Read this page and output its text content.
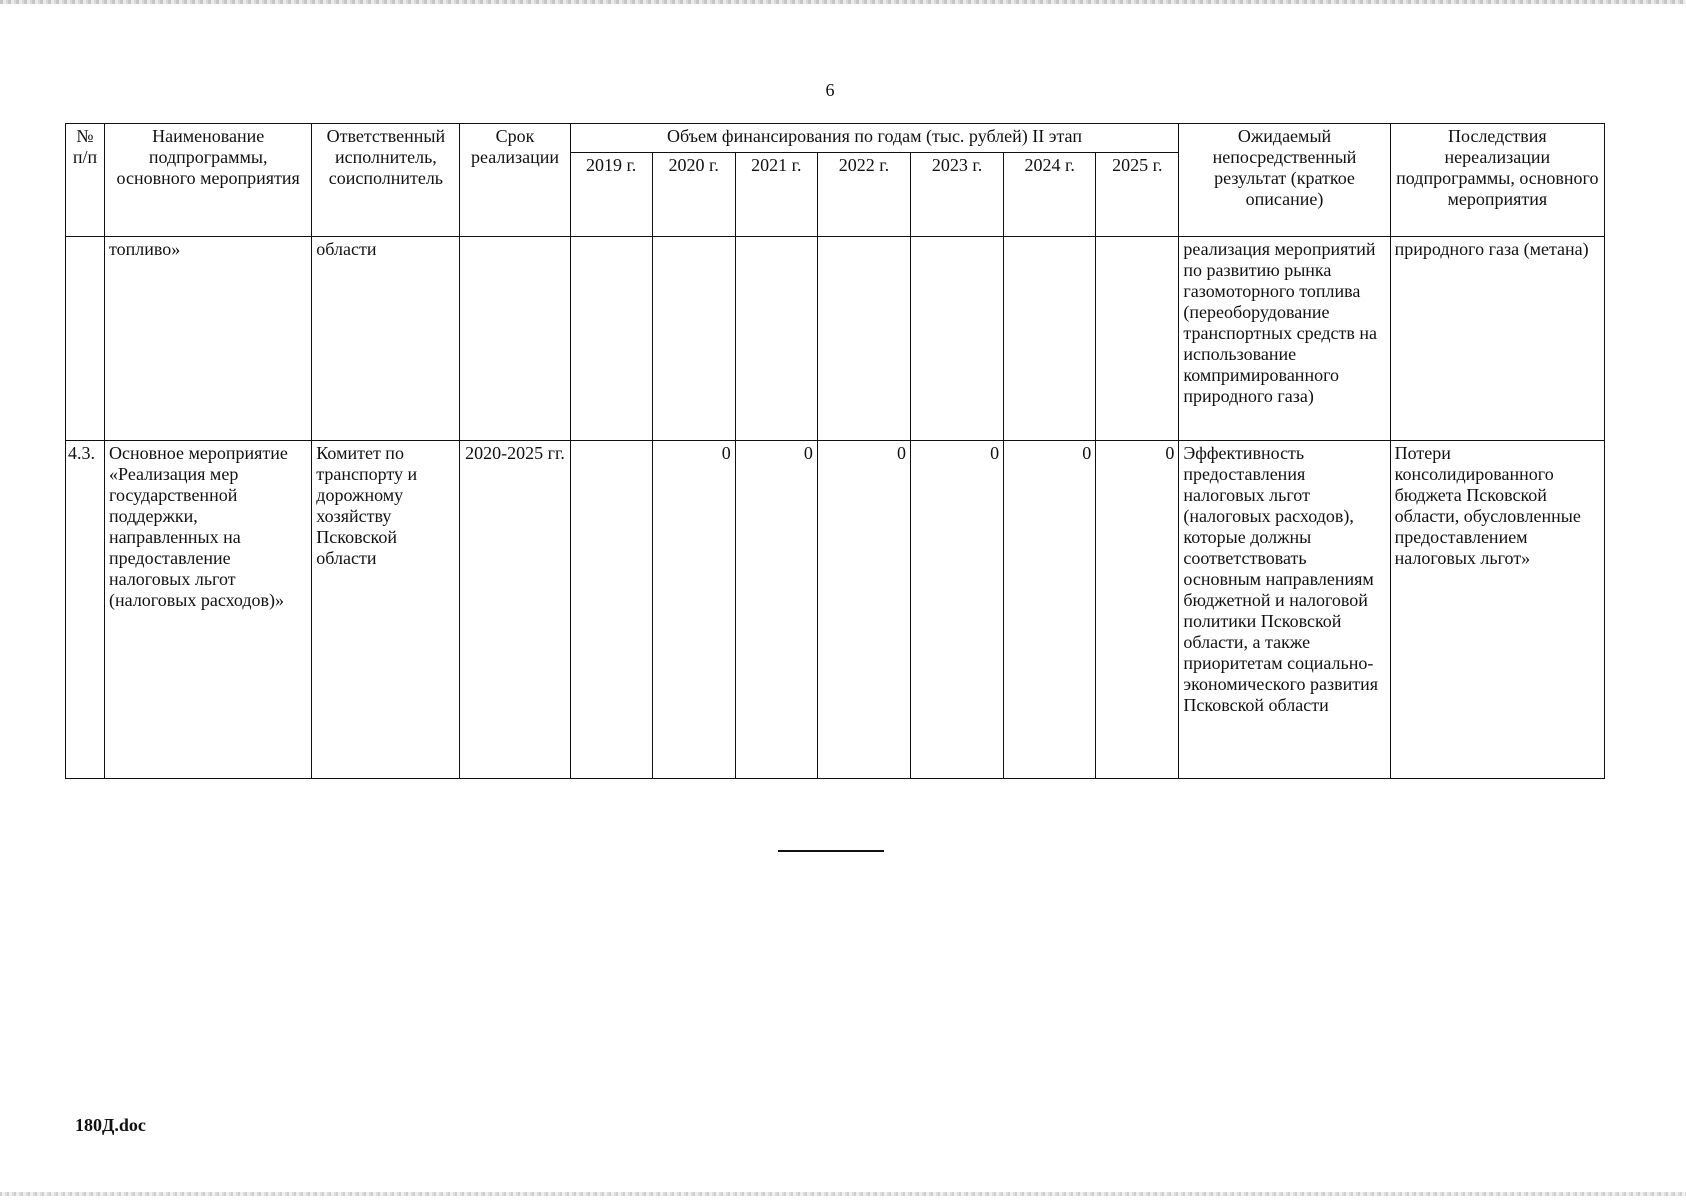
6
№ п/п	Наименование подпрограммы, основного мероприятия	Ответственный исполнитель, соисполнитель	Срок реализации	Объем финансирования по годам (тыс. рублей) II этап							Ожидаемый непосредственный результат (краткое описание)	Последствия нереализации подпрограммы, основного мероприятия
				2019 г.	2020 г.	2021 г.	2022 г.	2023 г.	2024 г.	2025 г.		
	топливо»	области									реализация мероприятий по развитию рынка газомоторного топлива (переоборудование транспортных средств на использование компримированного природного газа)	природного газа (метана)
4.3.	Основное мероприятие «Реализация мер государственной поддержки, направленных на предоставление налоговых льгот (налоговых расходов)»	Комитет по транспорту и дорожному хозяйству Псковской области	2020-2025 гг.		0	0	0	0	0	0	Эффективность предоставления налоговых льгот (налоговых расходов), которые должны соответствовать основным направлениям бюджетной и налоговой политики Псковской области, а также приоритетам социально-экономического развития Псковской области	Потери консолидированного бюджета Псковской области, обусловленные предоставлением налоговых льгот»
180Д.doc
